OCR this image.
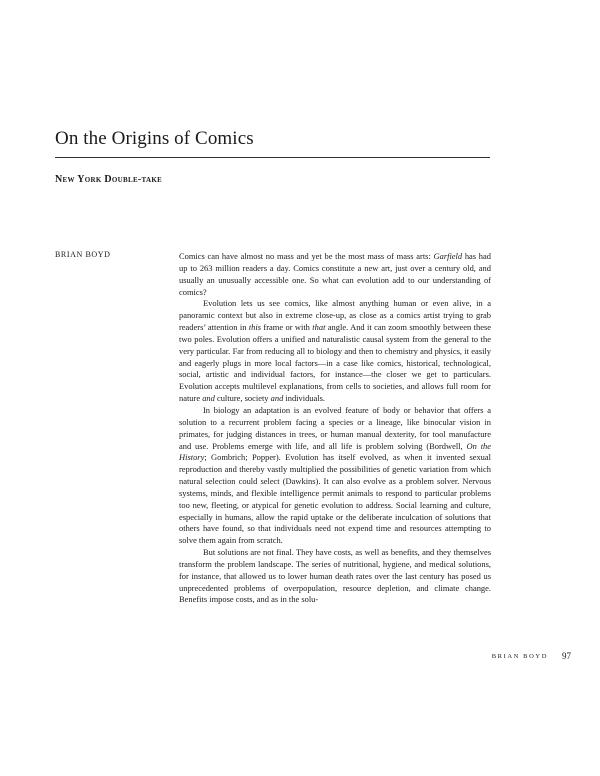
On the Origins of Comics
New York Double-take
BRIAN BOYD	Comics can have almost no mass and yet be the most mass of mass arts: Garfield has had up to 263 million readers a day. Comics constitute a new art, just over a century old, and usually an unusually accessible one. So what can evolution add to our understanding of comics?

Evolution lets us see comics, like almost anything human or even alive, in a panoramic context but also in extreme close-up, as close as a comics artist trying to grab readers’ attention in this frame or with that angle. And it can zoom smoothly between these two poles. Evolution offers a unified and naturalistic causal system from the general to the very particular. Far from reducing all to biology and then to chemistry and physics, it easily and eagerly plugs in more local factors—in a case like comics, historical, technological, social, artistic and individual factors, for instance—the closer we get to particulars. Evolution accepts multilevel explanations, from cells to societies, and allows full room for nature and culture, society and individuals.

In biology an adaptation is an evolved feature of body or behavior that offers a solution to a recurrent problem facing a species or a lineage, like binocular vision in primates, for judging distances in trees, or human manual dexterity, for tool manufacture and use. Problems emerge with life, and all life is problem solving (Bordwell, On the History; Gombrich; Popper). Evolution has itself evolved, as when it invented sexual reproduction and thereby vastly multiplied the possibilities of genetic variation from which natural selection could select (Dawkins). It can also evolve as a problem solver. Nervous systems, minds, and flexible intelligence permit animals to respond to particular problems too new, fleeting, or atypical for genetic evolution to address. Social learning and culture, especially in humans, allow the rapid uptake or the deliberate inculcation of solutions that others have found, so that individuals need not expend time and resources attempting to solve them again from scratch.

But solutions are not final. They have costs, as well as benefits, and they themselves transform the problem landscape. The series of nutritional, hygiene, and medical solutions, for instance, that allowed us to lower human death rates over the last century has posed us unprecedented problems of overpopulation, resource depletion, and climate change. Benefits impose costs, and as in the solu-

BRIAN BOYD 97
